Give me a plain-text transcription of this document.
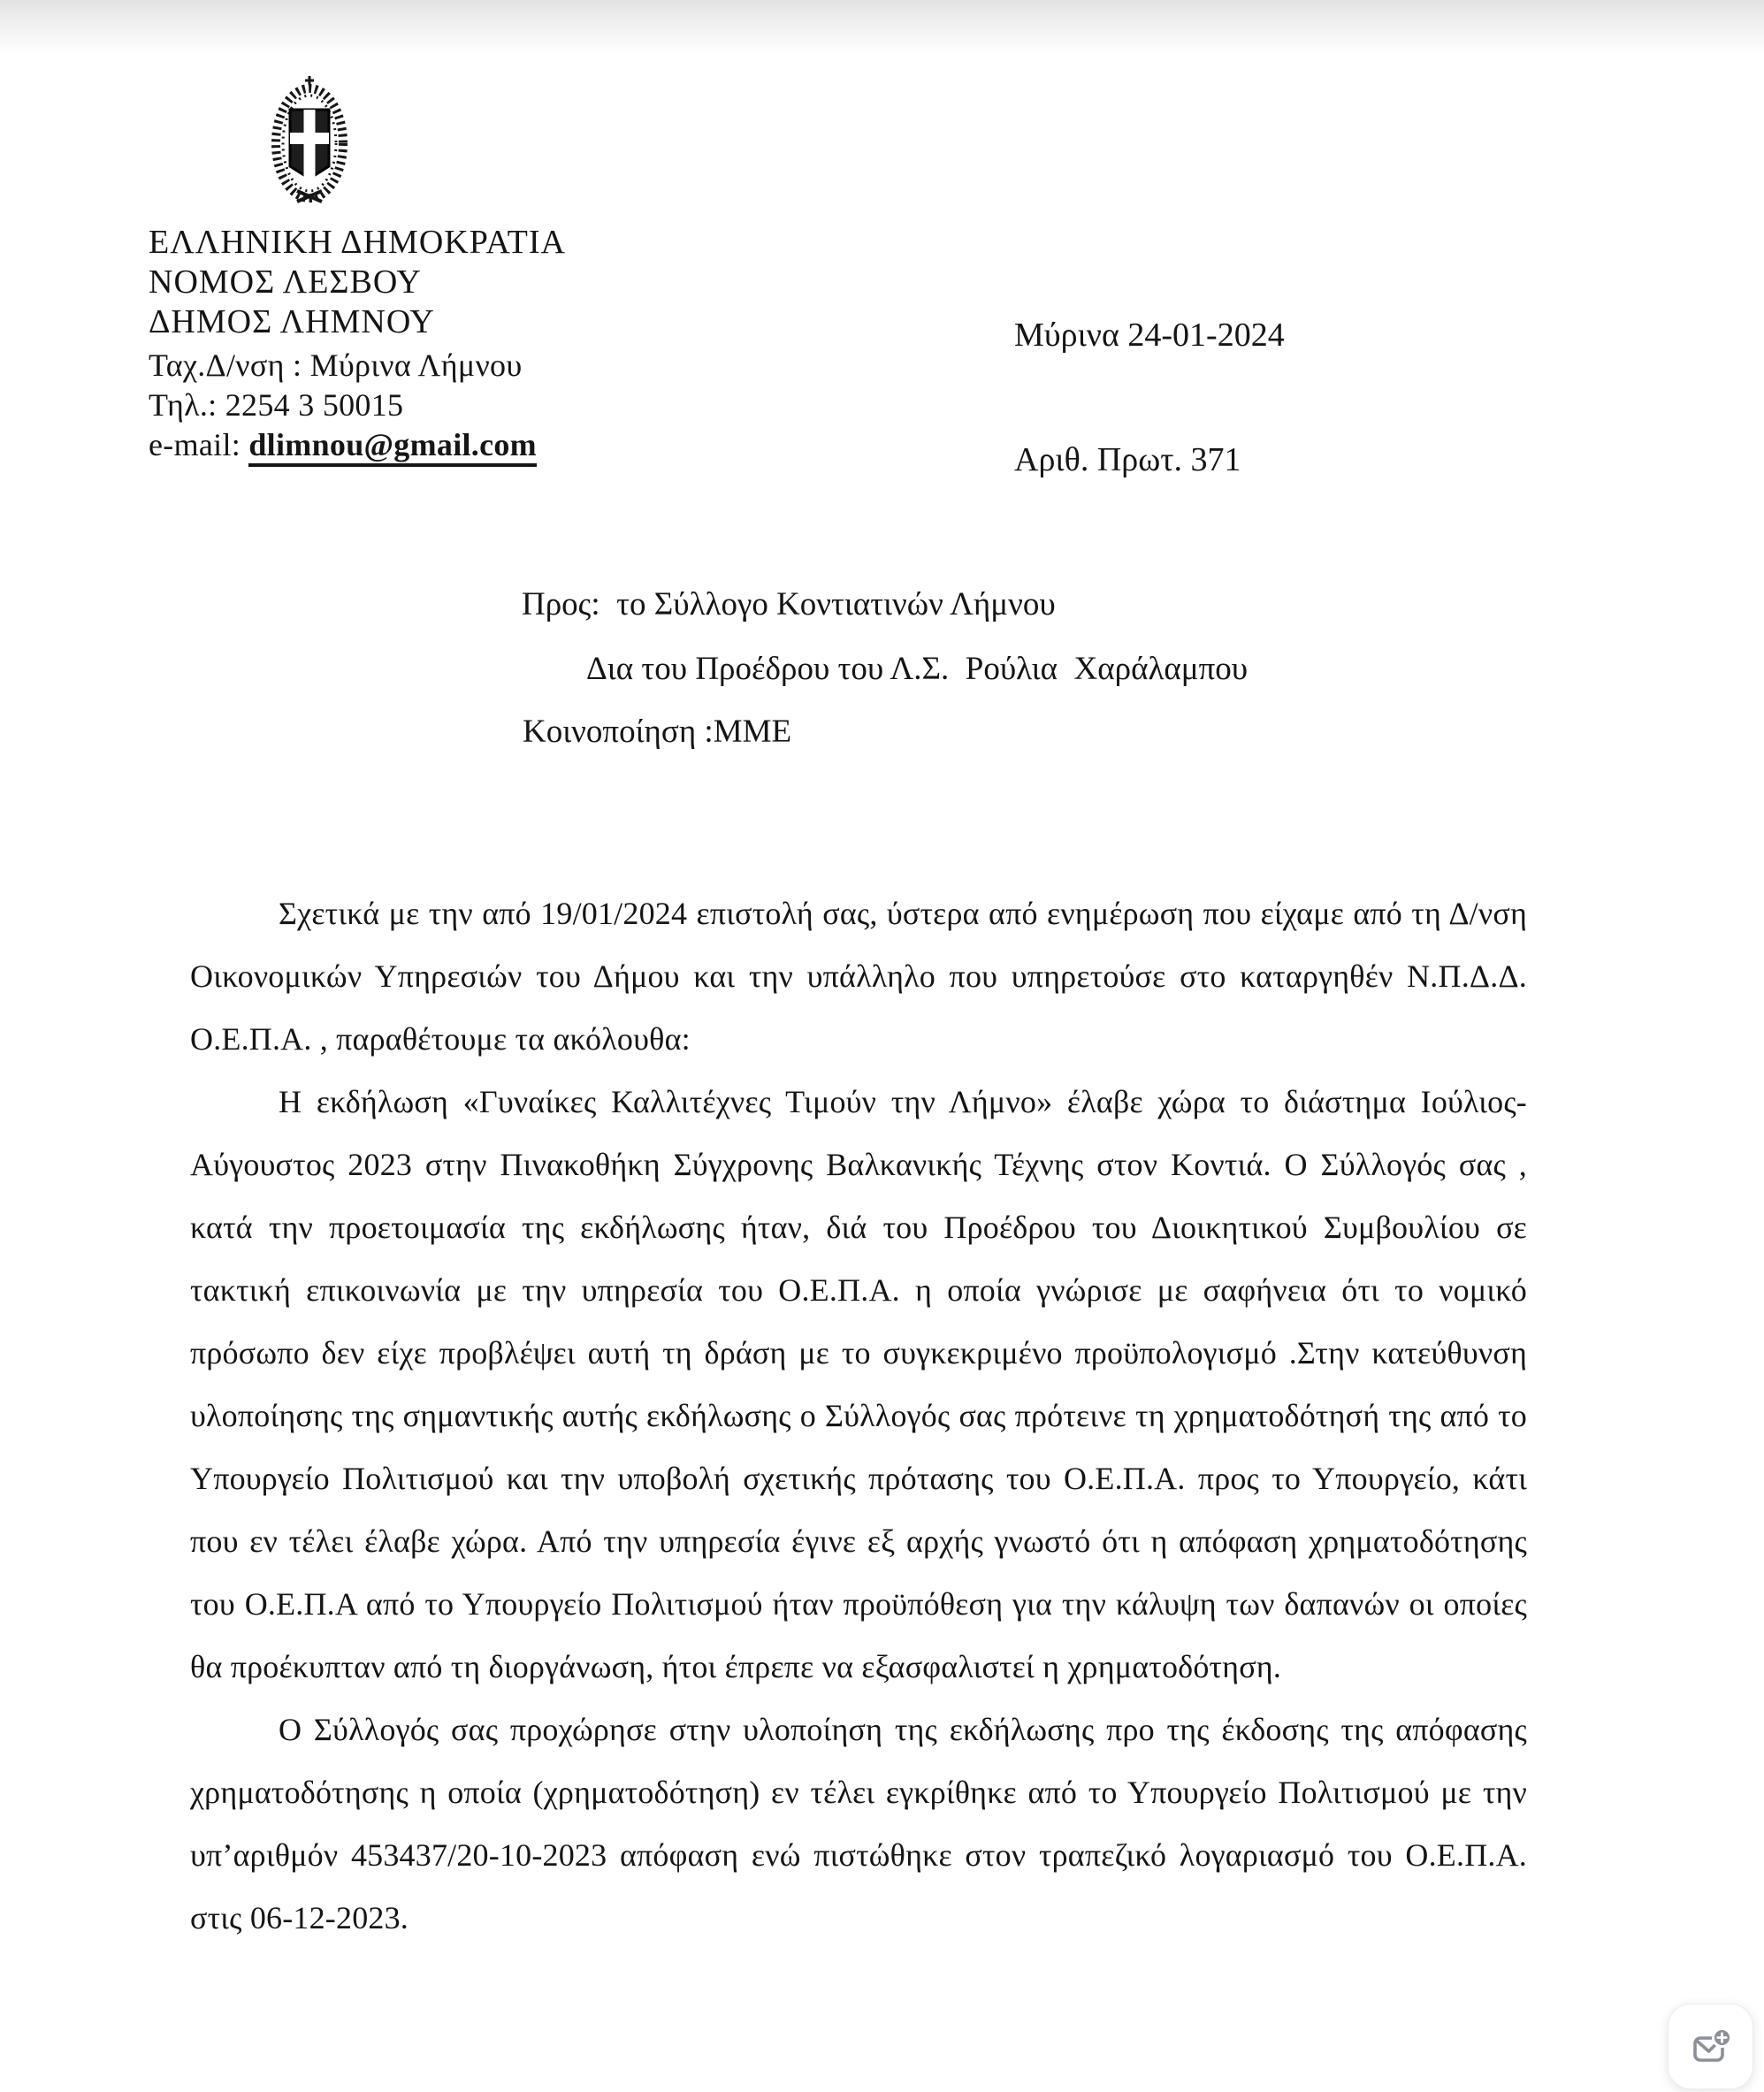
ΕΛΛΗΝΙΚΗ ΔΗΜΟΚΡΑΤΙΑ
ΝΟΜΟΣ ΛΕΣΒΟΥ
ΔΗΜΟΣ ΛΗΜΝΟΥ
Ταχ.Δ/νση : Μύρινα Λήμνου
Τηλ.: 2254 3 50015
e-mail: dlimnou@gmail.com

Μύρινα 24-01-2024

Αριθ. Πρωτ. 371

Προς:  το Σύλλογο Κοντιατινών Λήμνου
Δια του Προέδρου του Λ.Σ.  Ρούλια  Χαράλαμπου
Κοινοποίηση :ΜΜΕ

Σχετικά με την από 19/01/2024 επιστολή σας, ύστερα από ενημέρωση που είχαμε από τη Δ/νση Οικονομικών Υπηρεσιών του Δήμου και την υπάλληλο που υπηρετούσε στο καταργηθέν Ν.Π.Δ.Δ. Ο.Ε.Π.Α. , παραθέτουμε τα ακόλουθα:

Η εκδήλωση «Γυναίκες Καλλιτέχνες Τιμούν την Λήμνο» έλαβε χώρα το διάστημα Ιούλιος-Αύγουστος 2023 στην Πινακοθήκη Σύγχρονης Βαλκανικής Τέχνης στον Κοντιά. Ο Σύλλογός σας , κατά την προετοιμασία της εκδήλωσης ήταν, διά του Προέδρου του Διοικητικού Συμβουλίου σε τακτική επικοινωνία με την υπηρεσία του Ο.Ε.Π.Α. η οποία γνώρισε με σαφήνεια ότι το νομικό πρόσωπο δεν είχε προβλέψει αυτή τη δράση με το συγκεκριμένο προϋπολογισμό .Στην κατεύθυνση υλοποίησης της σημαντικής αυτής εκδήλωσης ο Σύλλογός σας πρότεινε τη χρηματοδότησή της από το Υπουργείο Πολιτισμού και την υποβολή σχετικής πρότασης του Ο.Ε.Π.Α. προς το Υπουργείο, κάτι που εν τέλει έλαβε χώρα. Από την υπηρεσία έγινε εξ αρχής γνωστό ότι η απόφαση χρηματοδότησης του Ο.Ε.Π.Α από το Υπουργείο Πολιτισμού ήταν προϋπόθεση για την κάλυψη των δαπανών οι οποίες θα προέκυπταν από τη διοργάνωση, ήτοι έπρεπε να εξασφαλιστεί η χρηματοδότηση.

Ο Σύλλογός σας προχώρησε στην υλοποίηση της εκδήλωσης προ της έκδοσης της απόφασης χρηματοδότησης η οποία (χρηματοδότηση) εν τέλει εγκρίθηκε από το Υπουργείο Πολιτισμού με την υπ’αριθμόν 453437/20-10-2023 απόφαση ενώ πιστώθηκε στον τραπεζικό λογαριασμό του Ο.Ε.Π.Α. στις 06-12-2023.
